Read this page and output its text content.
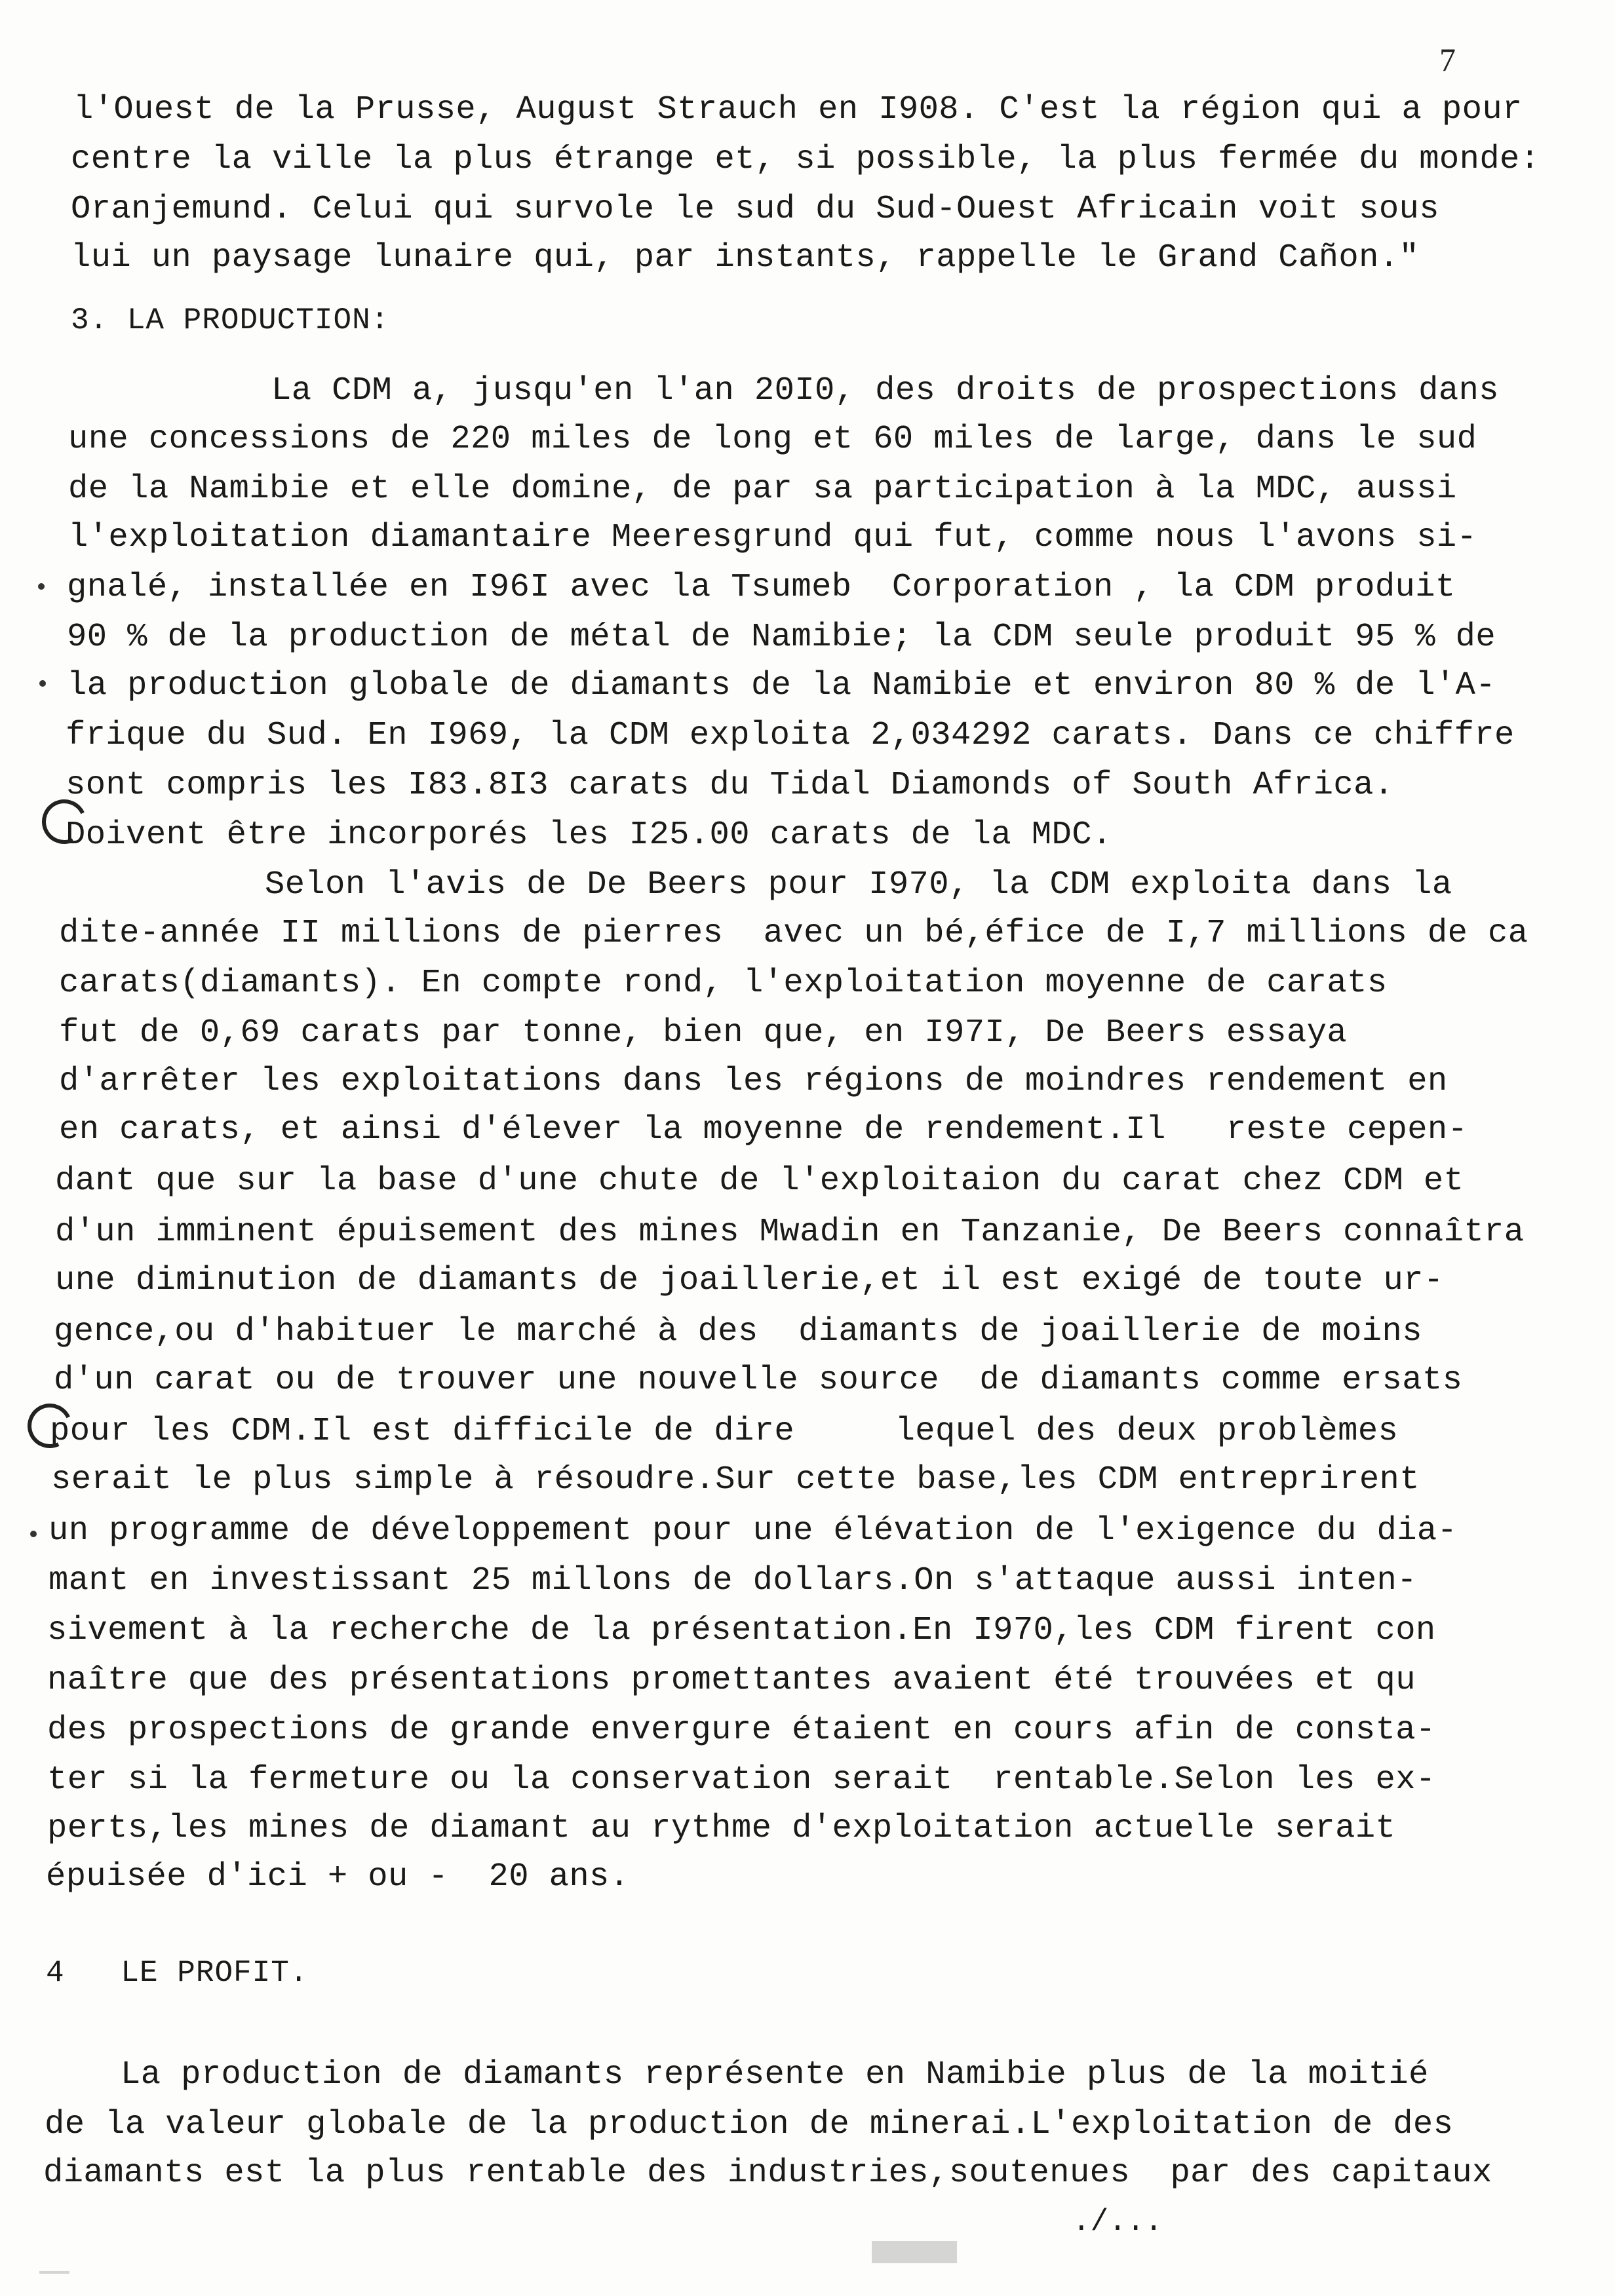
7
l'Ouest de la Prusse, August Strauch en I908. C'est la région qui a pour
centre la ville la plus étrange et, si possible, la plus fermée du monde:
Oranjemund. Celui qui survole le sud du Sud-Ouest Africain voit sous
lui un paysage lunaire qui, par instants, rappelle le Grand Cañon."
3. LA PRODUCTION:
La CDM a, jusqu'en l'an 20I0, des droits de prospections dans
une concessions de 220 miles de long et 60 miles de large, dans le sud
de la Namibie et elle domine, de par sa participation à la MDC, aussi
l'exploitation diamantaire Meeresgrund qui fut, comme nous l'avons si-
gnalé, installée en I96I avec la Tsumeb  Corporation , la CDM produit
90 % de la production de métal de Namibie; la CDM seule produit 95 % de
la production globale de diamants de la Namibie et environ 80 % de l'A-
frique du Sud. En I969, la CDM exploita 2,034292 carats. Dans ce chiffre
sont compris les I83.8I3 carats du Tidal Diamonds of South Africa.
Doivent être incorporés les I25.00 carats de la MDC.
Selon l'avis de De Beers pour I970, la CDM exploita dans la
dite-année II millions de pierres  avec un bé,éfice de I,7 millions de ca
carats(diamants). En compte rond, l'exploitation moyenne de carats
fut de 0,69 carats par tonne, bien que, en I97I, De Beers essaya
d'arrêter les exploitations dans les régions de moindres rendement en
en carats, et ainsi d'élever la moyenne de rendement.Il   reste cepen-
dant que sur la base d'une chute de l'exploitaion du carat chez CDM et
d'un imminent épuisement des mines Mwadin en Tanzanie, De Beers connaîtra
une diminution de diamants de joaillerie,et il est exigé de toute ur-
gence,ou d'habituer le marché à des  diamants de joaillerie de moins
d'un carat ou de trouver une nouvelle source  de diamants comme ersats
pour les CDM.Il est difficile de dire     lequel des deux problèmes
serait le plus simple à résoudre.Sur cette base,les CDM entreprirent
un programme de développement pour une élévation de l'exigence du dia-
mant en investissant 25 millons de dollars.On s'attaque aussi inten-
sivement à la recherche de la présentation.En I970,les CDM firent con
naître que des présentations promettantes avaient été trouvées et qu
des prospections de grande envergure étaient en cours afin de consta-
ter si la fermeture ou la conservation serait  rentable.Selon les ex-
perts,les mines de diamant au rythme d'exploitation actuelle serait
épuisée d'ici + ou -  20 ans.
4   LE PROFIT.
La production de diamants représente en Namibie plus de la moitié
de la valeur globale de la production de minerai.L'exploitation de des
diamants est la plus rentable des industries,soutenues  par des capitaux
./...
